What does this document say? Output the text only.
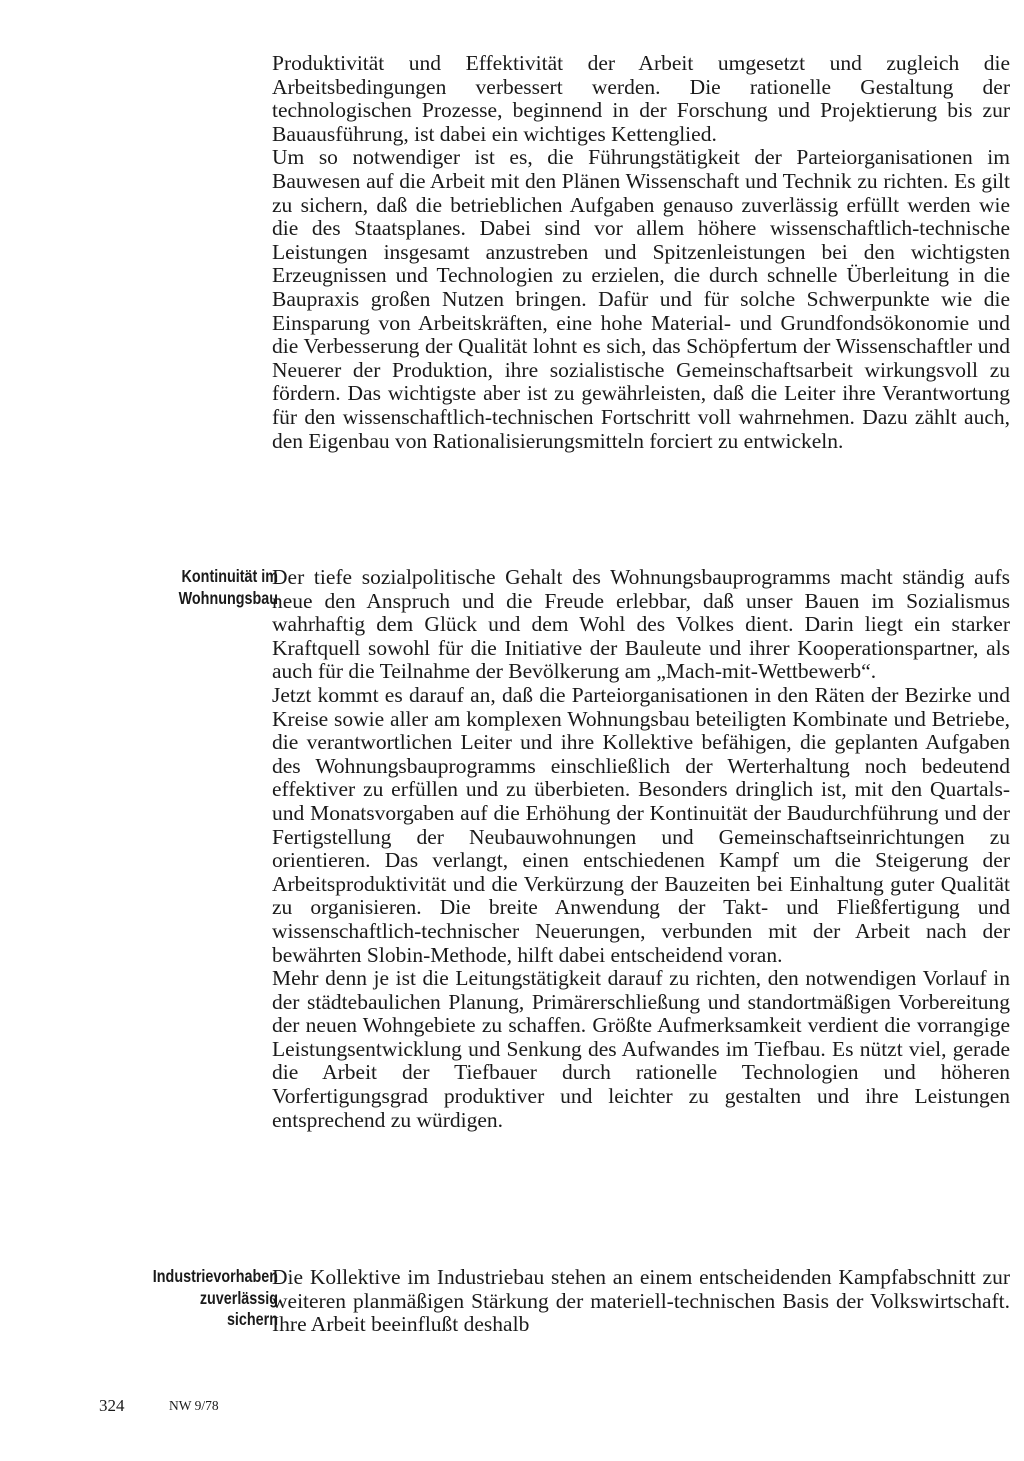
Produktivität und Effektivität der Arbeit umgesetzt und zugleich die Arbeitsbedingungen verbessert werden. Die rationelle Gestaltung der technologischen Prozesse, beginnend in der Forschung und Projektierung bis zur Bauausführung, ist dabei ein wichtiges Kettenglied.
Um so notwendiger ist es, die Führungstätigkeit der Parteiorganisationen im Bauwesen auf die Arbeit mit den Plänen Wissenschaft und Technik zu richten. Es gilt zu sichern, daß die betrieblichen Aufgaben genauso zuverlässig erfüllt werden wie die des Staatsplanes. Dabei sind vor allem höhere wissenschaftlich-technische Leistungen insgesamt anzustreben und Spitzenleistungen bei den wichtigsten Erzeugnissen und Technologien zu erzielen, die durch schnelle Überleitung in die Baupraxis großen Nutzen bringen. Dafür und für solche Schwerpunkte wie die Einsparung von Arbeitskräften, eine hohe Material- und Grundfondsökonomie und die Verbesserung der Qualität lohnt es sich, das Schöpfertum der Wissenschaftler und Neuerer der Produktion, ihre sozialistische Gemeinschaftsarbeit wirkungsvoll zu fördern. Das wichtigste aber ist zu gewährleisten, daß die Leiter ihre Verantwortung für den wissenschaftlich-technischen Fortschritt voll wahrnehmen. Dazu zählt auch, den Eigenbau von Rationalisierungsmitteln forciert zu entwickeln.

Kontinuität im
Wohnungsbau

Der tiefe sozialpolitische Gehalt des Wohnungsbauprogramms macht ständig aufs neue den Anspruch und die Freude erlebbar, daß unser Bauen im Sozialismus wahrhaftig dem Glück und dem Wohl des Volkes dient. Darin liegt ein starker Kraftquell sowohl für die Initiative der Bauleute und ihrer Kooperationspartner, als auch für die Teilnahme der Bevölkerung am „Mach-mit-Wettbewerb“.
Jetzt kommt es darauf an, daß die Parteiorganisationen in den Räten der Bezirke und Kreise sowie aller am komplexen Wohnungsbau beteiligten Kombinate und Betriebe, die verantwortlichen Leiter und ihre Kollektive befähigen, die geplanten Aufgaben des Wohnungsbauprogramms einschließlich der Werterhaltung noch bedeutend effektiver zu erfüllen und zu überbieten. Besonders dringlich ist, mit den Quartals- und Monatsvorgaben auf die Erhöhung der Kontinuität der Baudurchführung und der Fertigstellung der Neubauwohnungen und Gemeinschaftseinrichtungen zu orientieren. Das verlangt, einen entschiedenen Kampf um die Steigerung der Arbeitsproduktivität und die Verkürzung der Bauzeiten bei Einhaltung guter Qualität zu organisieren. Die breite Anwendung der Takt- und Fließfertigung und wissenschaftlich-technischer Neuerungen, verbunden mit der Arbeit nach der bewährten Slobin-Methode, hilft dabei entscheidend voran.
Mehr denn je ist die Leitungstätigkeit darauf zu richten, den notwendigen Vorlauf in der städtebaulichen Planung, Primärerschließung und standortmäßigen Vorbereitung der neuen Wohngebiete zu schaffen. Größte Aufmerksamkeit verdient die vorrangige Leistungsentwicklung und Senkung des Aufwandes im Tiefbau. Es nützt viel, gerade die Arbeit der Tiefbauer durch rationelle Technologien und höheren Vorfertigungsgrad produktiver und leichter zu gestalten und ihre Leistungen entsprechend zu würdigen.

Industrievorhaben
zuverlässig
sichern

Die Kollektive im Industriebau stehen an einem entscheidenden Kampfabschnitt zur weiteren planmäßigen Stärkung der materiell-technischen Basis der Volkswirtschaft. Ihre Arbeit beeinflußt deshalb

324	NW 9/78
